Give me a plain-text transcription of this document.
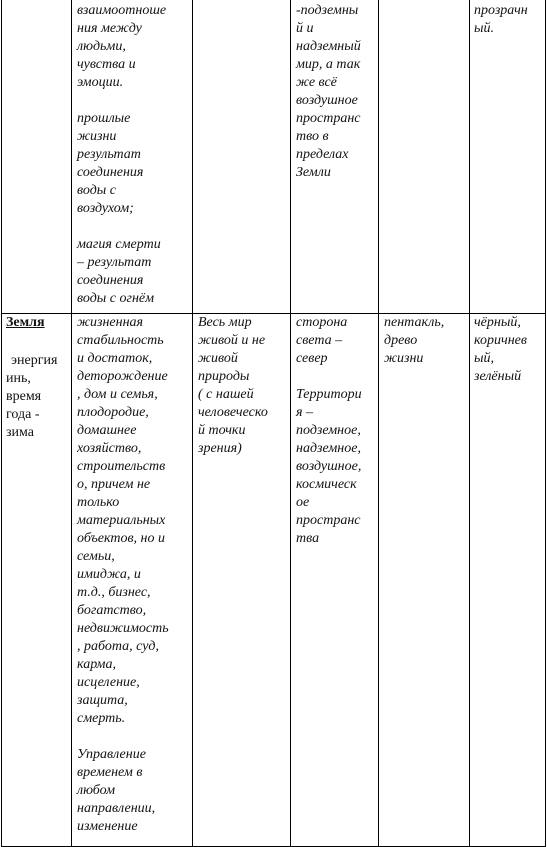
взаимоотноше

ния между

людьми,

чувства и

эмоции.

прошлые

жизни

результат

соединения

воды с

воздухом;

магия смерти

– результат

соединения

воды с огнём

-подземны

й и

надземный

мир, а так

же всё

воздушное

пространс

тво в

пределах

Земли

прозрачн

ый.

Земля

энергия

инь,

время

года -

зима

жизненная

стабильность

и достаток,

деторождение

, дом и семья,

плодородие,

домашнее

хозяйство,

строительств

о, причем не

только

материальных

объектов, но и

семьи,

имиджа, и

т.д., бизнес,

богатство,

недвижимость

, работа, суд,

карма,

исцеление,

защита,

смерть.

Управление

временем в

любом

направлении,

изменение

Весь мир

живой и не

живой

природы

( с нашей

человеческо

й точки

зрения)

сторона

света –

север

Территори

я –

подземное,

надземное,

воздушное,

космическ

ое

пространс

тва

пентакль,

древо

жизни

чёрный,

коричнев

ый,

зелёный
